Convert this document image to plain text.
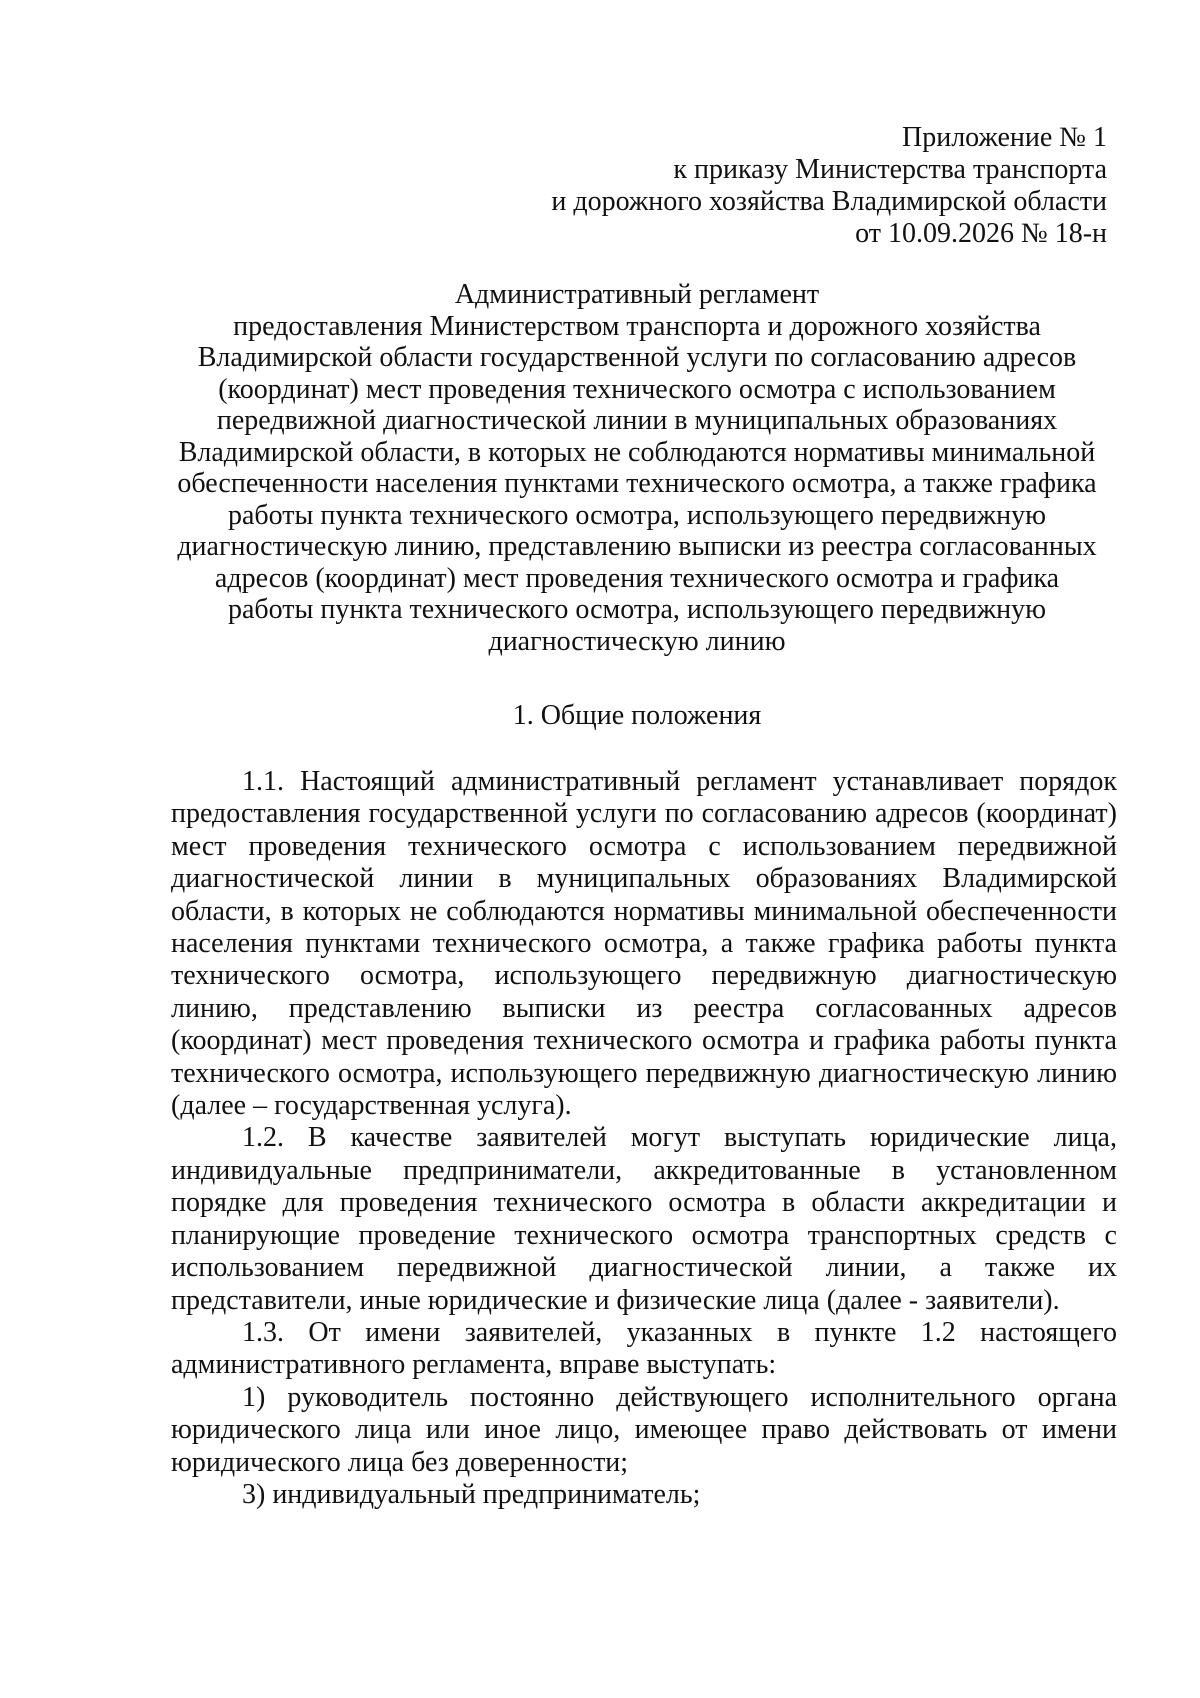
Приложение № 1
к приказу Министерства транспорта
и дорожного хозяйства Владимирской области
от 10.09.2026 № 18-н
Административный регламент
предоставления Министерством транспорта и дорожного хозяйства
Владимирской области государственной услуги по согласованию адресов
(координат) мест проведения технического осмотра с использованием
передвижной диагностической линии в муниципальных образованиях
Владимирской области, в которых не соблюдаются нормативы минимальной
обеспеченности населения пунктами технического осмотра, а также графика
работы пункта технического осмотра, использующего передвижную
диагностическую линию, представлению выписки из реестра согласованных
адресов (координат) мест проведения технического осмотра и графика
работы пункта технического осмотра, использующего передвижную
диагностическую линию
1. Общие положения

1.1. Настоящий административный регламент устанавливает порядок предоставления государственной услуги по согласованию адресов (координат) мест проведения технического осмотра с использованием передвижной диагностической линии в муниципальных образованиях Владимирской области, в которых не соблюдаются нормативы минимальной обеспеченности населения пунктами технического осмотра, а также графика работы пункта технического осмотра, использующего передвижную диагностическую линию, представлению выписки из реестра согласованных адресов (координат) мест проведения технического осмотра и графика работы пункта технического осмотра, использующего передвижную диагностическую линию (далее – государственная услуга).

1.2. В качестве заявителей могут выступать юридические лица, индивидуальные предприниматели, аккредитованные в установленном порядке для проведения технического осмотра в области аккредитации и планирующие проведение технического осмотра транспортных средств с использованием передвижной диагностической линии, а также их представители, иные юридические и физические лица (далее - заявители).

1.3. От имени заявителей, указанных в пункте 1.2 настоящего административного регламента, вправе выступать:

1) руководитель постоянно действующего исполнительного органа юридического лица или иное лицо, имеющее право действовать от имени юридического лица без доверенности;

3) индивидуальный предприниматель;
